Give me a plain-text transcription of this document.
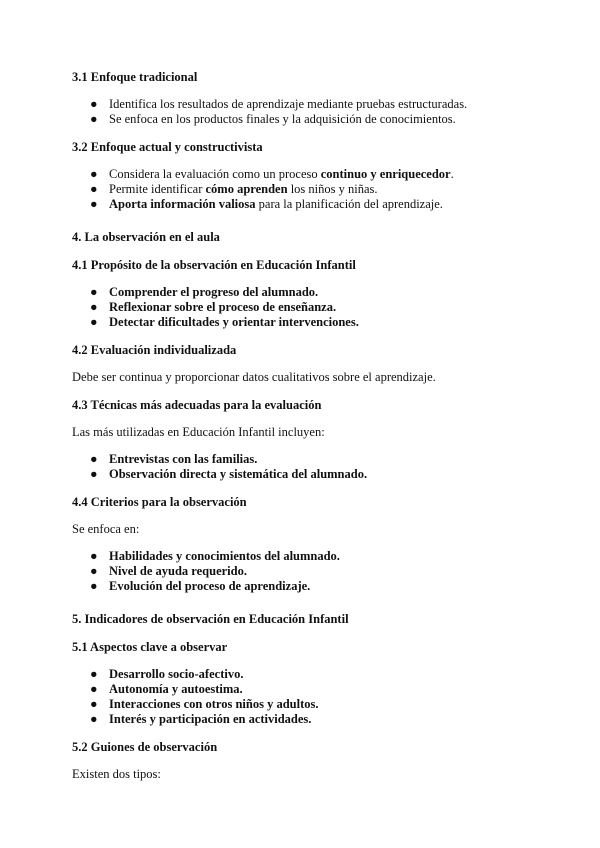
3.1 Enfoque tradicional
● Identifica los resultados de aprendizaje mediante pruebas estructuradas.
● Se enfoca en los productos finales y la adquisición de conocimientos.
3.2 Enfoque actual y constructivista
● Considera la evaluación como un proceso continuo y enriquecedor.
● Permite identificar cómo aprenden los niños y niñas.
● Aporta información valiosa para la planificación del aprendizaje.
4. La observación en el aula
4.1 Propósito de la observación en Educación Infantil
● Comprender el progreso del alumnado.
● Reflexionar sobre el proceso de enseñanza.
● Detectar dificultades y orientar intervenciones.
4.2 Evaluación individualizada

Debe ser continua y proporcionar datos cualitativos sobre el aprendizaje.

4.3 Técnicas más adecuadas para la evaluación

Las más utilizadas en Educación Infantil incluyen:

● Entrevistas con las familias.
● Observación directa y sistemática del alumnado.
4.4 Criterios para la observación

Se enfoca en:

● Habilidades y conocimientos del alumnado.
● Nivel de ayuda requerido.
● Evolución del proceso de aprendizaje.
5. Indicadores de observación en Educación Infantil
5.1 Aspectos clave a observar
● Desarrollo socio-afectivo.
● Autonomía y autoestima.
● Interacciones con otros niños y adultos.
● Interés y participación en actividades.
5.2 Guiones de observación

Existen dos tipos:
